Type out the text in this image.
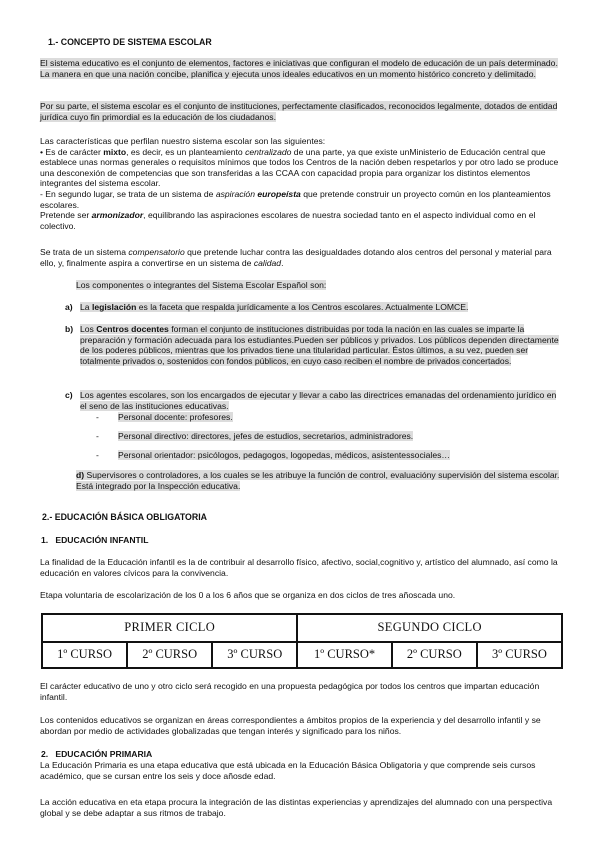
1.- CONCEPTO DE SISTEMA ESCOLAR

El sistema educativo es el conjunto de elementos, factores e iniciativas que configuran el modelo de educación de un país determinado. La manera en que una nación concibe, planifica y ejecuta unos ideales educativos en un momento histórico concreto y delimitado.

Por su parte, el sistema escolar es el conjunto de instituciones, perfectamente clasificados, reconocidos legalmente, dotados de entidad jurídica cuyo fin primordial es la educación de los ciudadanos.

Las características que perfilan nuestro sistema escolar son las siguientes:

• Es de carácter mixto, es decir, es un planteamiento centralizado de una parte, ya que existe unMinisterio de Educación central que establece unas normas generales o requisitos mínimos que todos los Centros de la nación deben respetarlos y por otro lado se produce una desconexión de competencias que son transferidas a las CCAA con capacidad propia para organizar los distintos elementos integrantes del sistema escolar.

- En segundo lugar, se trata de un sistema de aspiración europeísta que pretende construir un proyecto común en los planteamientos escolares.

Pretende ser armonizador, equilibrando las aspiraciones escolares de nuestra sociedad tanto en el aspecto individual como en el colectivo.

Se trata de un sistema compensatorio que pretende luchar contra las desigualdades dotando alos centros del personal y material para ello, y, finalmente aspira a convertirse en un sistema de calidad.

Los componentes o integrantes del Sistema Escolar Español son:

a) La legislación es la faceta que respalda jurídicamente a los Centros escolares. Actualmente LOMCE.
b) Los Centros docentes forman el conjunto de instituciones distribuidas por toda la nación en las cuales se imparte la preparación y formación adecuada para los estudiantes.Pueden ser públicos y privados. Los públicos dependen directamente de los poderes públicos, mientras que los privados tiene una titularidad particular. Éstos últimos, a su vez, pueden ser totalmente privados o, sostenidos con fondos públicos, en cuyo caso reciben el nombre de privados concertados.
c) Los agentes escolares, son los encargados de ejecutar y llevar a cabo las directrices emanadas del ordenamiento jurídico en el seno de las instituciones educativas.
- Personal docente: profesores.
- Personal directivo: directores, jefes de estudios, secretarios, administradores.
- Personal orientador: psicólogos, pedagogos, logopedas, médicos, asistentessociales…

d) Supervisores o controladores, a los cuales se les atribuye la función de control, evaluacióny supervisión del sistema escolar. Está integrado por la Inspección educativa.

2.- EDUCACIÓN BÁSICA OBLIGATORIA
1. EDUCACIÓN INFANTIL

La finalidad de la Educación infantil es la de contribuir al desarrollo físico, afectivo, social,cognitivo y, artístico del alumnado, así como la educación en valores cívicos para la convivencia.

Etapa voluntaria de escolarización de los 0 a los 6 años que se organiza en dos ciclos de tres añoscada uno.

PRIMER CICLO			SEGUNDO CICLO		
1º CURSO	2º CURSO	3º CURSO	1º CURSO*	2º CURSO	3º CURSO

El carácter educativo de uno y otro ciclo será recogido en una propuesta pedagógica por todos los centros que impartan educación infantil.

Los contenidos educativos se organizan en áreas correspondientes a ámbitos propios de la experiencia y del desarrollo infantil y se abordan por medio de actividades globalizadas que tengan interés y significado para los niños.

2. EDUCACIÓN PRIMARIA

La Educación Primaria es una etapa educativa que está ubicada en la Educación Básica Obligatoria y que comprende seis cursos académico, que se cursan entre los seis y doce añosde edad.

La acción educativa en eta etapa procura la integración de las distintas experiencias y aprendizajes del alumnado con una perspectiva global y se debe adaptar a sus ritmos de trabajo.
